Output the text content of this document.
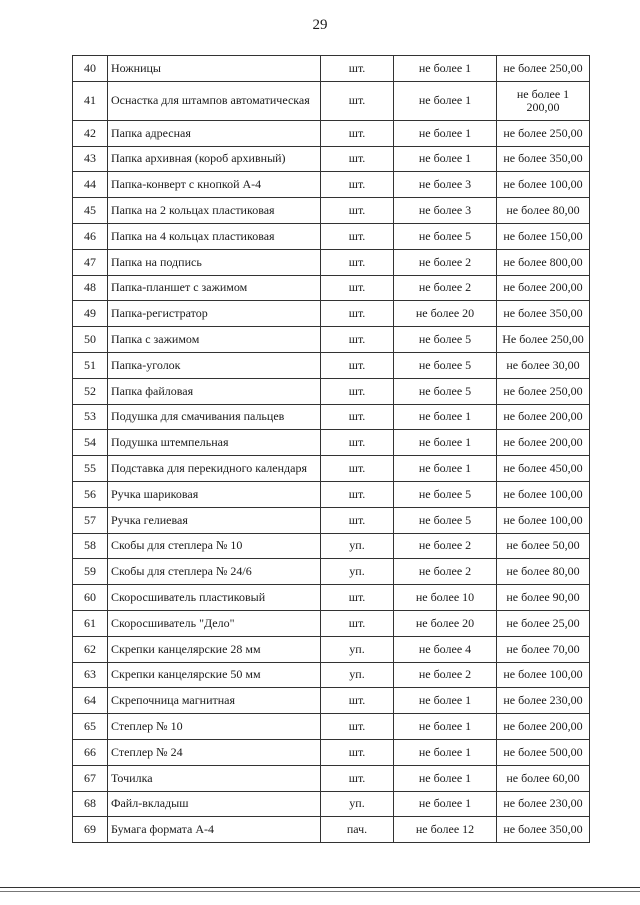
29
40	Ножницы	шт.	не более 1	не более 250,00
41	Оснастка для штампов автоматическая	шт.	не более 1	не более 1 200,00
42	Папка адресная	шт.	не более 1	не более 250,00
43	Папка архивная (короб архивный)	шт.	не более 1	не более 350,00
44	Папка-конверт с кнопкой А-4	шт.	не более 3	не более 100,00
45	Папка на 2 кольцах пластиковая	шт.	не более 3	не более 80,00
46	Папка на 4 кольцах пластиковая	шт.	не более 5	не более 150,00
47	Папка на подпись	шт.	не более 2	не более 800,00
48	Папка-планшет с зажимом	шт.	не более 2	не более 200,00
49	Папка-регистратор	шт.	не более 20	не более 350,00
50	Папка с зажимом	шт.	не более 5	Не более 250,00
51	Папка-уголок	шт.	не более 5	не более 30,00
52	Папка файловая	шт.	не более 5	не более 250,00
53	Подушка для смачивания пальцев	шт.	не более 1	не более 200,00
54	Подушка штемпельная	шт.	не более 1	не более 200,00
55	Подставка для перекидного календаря	шт.	не более 1	не более 450,00
56	Ручка шариковая	шт.	не более 5	не более 100,00
57	Ручка гелиевая	шт.	не более 5	не более 100,00
58	Скобы для степлера № 10	уп.	не более 2	не более 50,00
59	Скобы для степлера № 24/6	уп.	не более 2	не более 80,00
60	Скоросшиватель пластиковый	шт.	не более 10	не более 90,00
61	Скоросшиватель "Дело"	шт.	не более 20	не более 25,00
62	Скрепки канцелярские 28 мм	уп.	не более 4	не более 70,00
63	Скрепки канцелярские 50 мм	уп.	не более 2	не более 100,00
64	Скрепочница магнитная	шт.	не более 1	не более 230,00
65	Степлер № 10	шт.	не более 1	не более 200,00
66	Степлер № 24	шт.	не более 1	не более 500,00
67	Точилка	шт.	не более 1	не более 60,00
68	Файл-вкладыш	уп.	не более 1	не более 230,00
69	Бумага формата А-4	пач.	не более 12	не более 350,00
